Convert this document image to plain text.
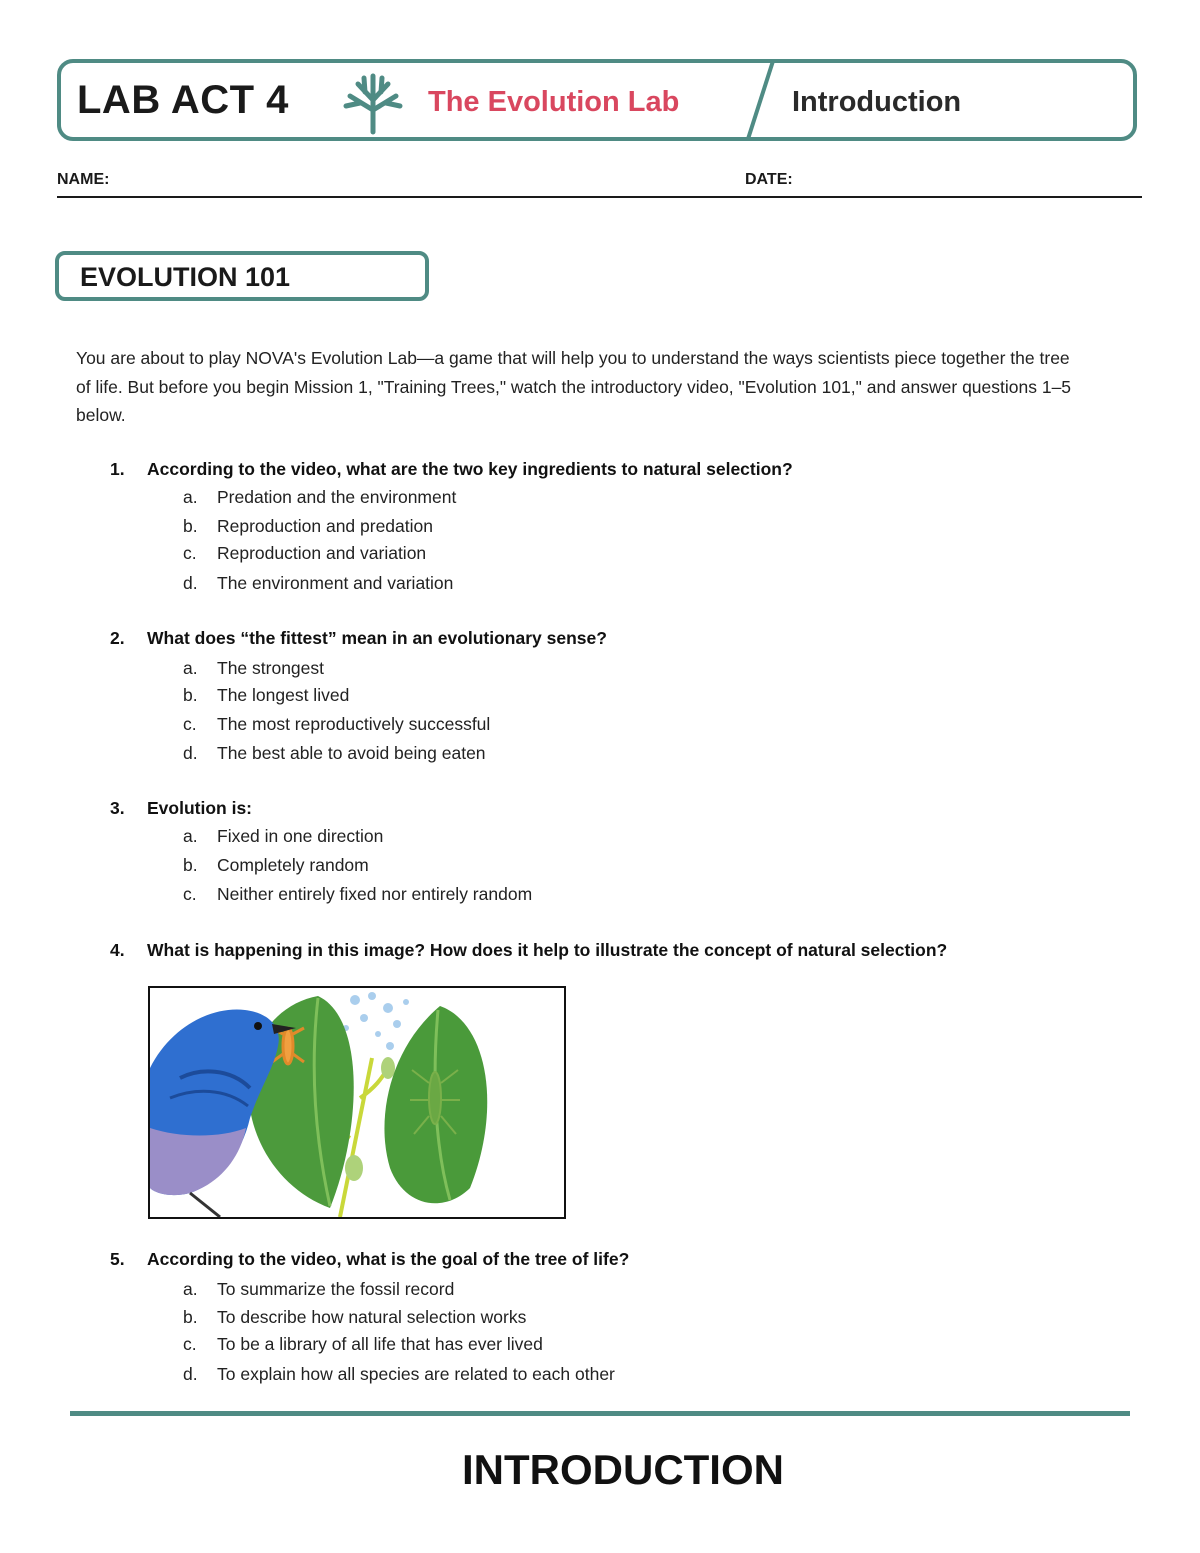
LAB ACT 4	The Evolution Lab	Introduction
NAME:	DATE:
EVOLUTION 101
You are about to play NOVA's Evolution Lab—a game that will help you to understand the ways scientists piece together the tree of life. But before you begin Mission 1, "Training Trees," watch the introductory video, "Evolution 101," and answer questions 1–5 below.
1. According to the video, what are the two key ingredients to natural selection?
a. Predation and the environment
b. Reproduction and predation
c. Reproduction and variation
d. The environment and variation
2. What does “the fittest” mean in an evolutionary sense?
a. The strongest
b. The longest lived
c. The most reproductively successful
d. The best able to avoid being eaten
3. Evolution is:
a. Fixed in one direction
b. Completely random
c. Neither entirely fixed nor entirely random
4. What is happening in this image? How does it help to illustrate the concept of natural selection?
5. According to the video, what is the goal of the tree of life?
a. To summarize the fossil record
b. To describe how natural selection works
c. To be a library of all life that has ever lived
d. To explain how all species are related to each other
INTRODUCTION
